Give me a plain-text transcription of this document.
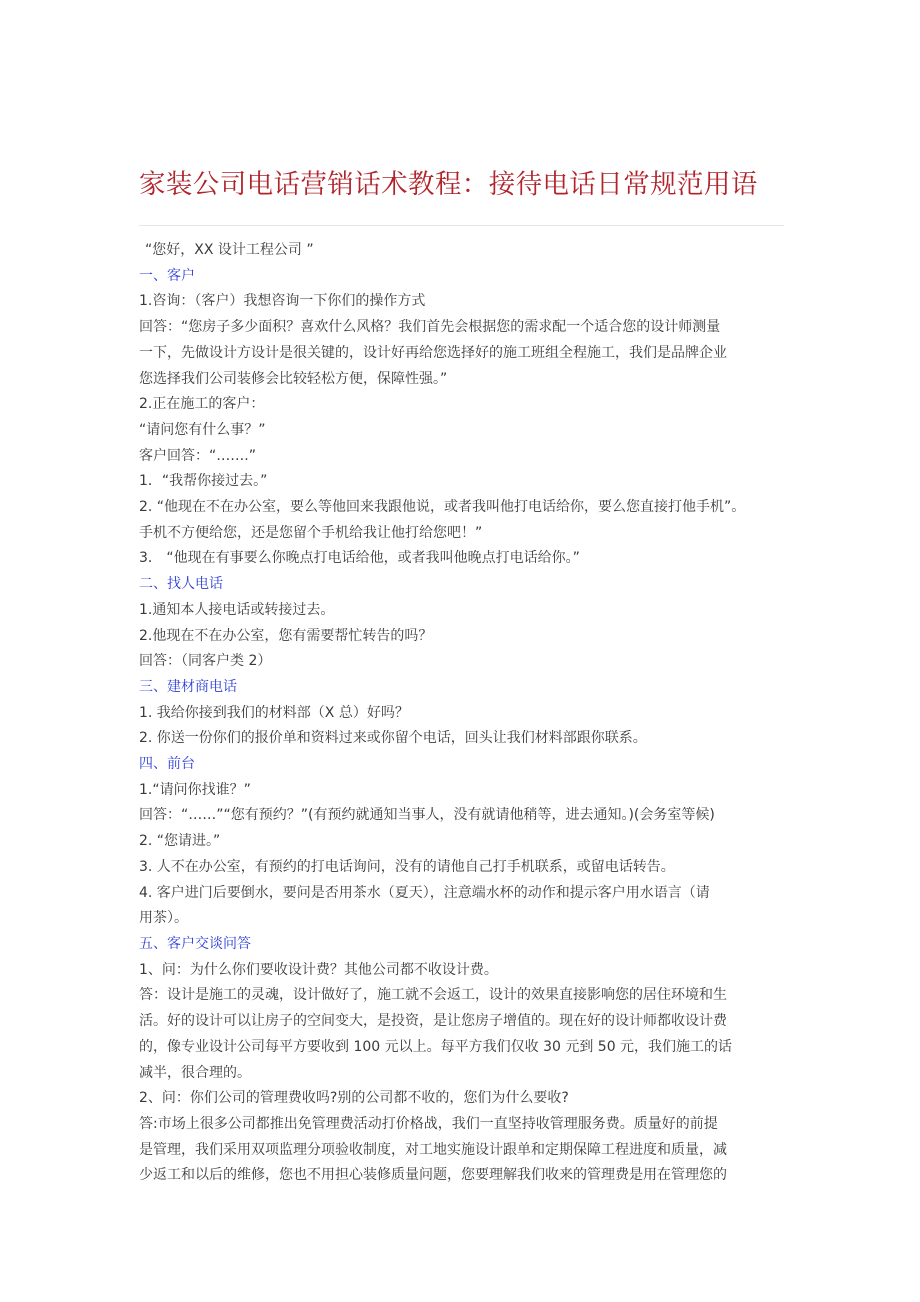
家装公司电话营销话术教程：接待电话日常规范用语

“您好，XX 设计工程公司 ”

一、客户

1.咨询：（客户）我想咨询一下你们的操作方式

回答：“您房子多少面积？喜欢什么风格？我们首先会根据您的需求配一个适合您的设计师测量

一下，先做设计方设计是很关键的，设计好再给您选择好的施工班组全程施工，我们是品牌企业

您选择我们公司装修会比较轻松方便，保障性强。”

2.正在施工的客户：

“请问您有什么事？”

客户回答：“…….”

1．“我帮你接过去。”

2. “他现在不在办公室，要么等他回来我跟他说，或者我叫他打电话给你，要么您直接打他手机”。

手机不方便给您，还是您留个手机给我让他打给您吧！”

3． “他现在有事要么你晚点打电话给他，或者我叫他晚点打电话给你。”

二、找人电话

1.通知本人接电话或转接过去。

2.他现在不在办公室，您有需要帮忙转告的吗？

回答：（同客户类 2）

三、建材商电话

1. 我给你接到我们的材料部（X 总）好吗？

2. 你送一份你们的报价单和资料过来或你留个电话，回头让我们材料部跟你联系。

四、前台

1.“请问你找谁？”

回答：“……”“您有预约？”(有预约就通知当事人，没有就请他稍等，进去通知。)(会务室等候)

2. “您请进。”

3. 人不在办公室，有预约的打电话询问，没有的请他自己打手机联系，或留电话转告。

4. 客户进门后要倒水，要问是否用茶水（夏天），注意端水杯的动作和提示客户用水语言（请

用茶）。

五、客户交谈问答

1、问：为什么你们要收设计费？其他公司都不收设计费。

答：设计是施工的灵魂，设计做好了，施工就不会返工，设计的效果直接影响您的居住环境和生

活。好的设计可以让房子的空间变大，是投资，是让您房子增值的。现在好的设计师都收设计费

的，像专业设计公司每平方要收到 100 元以上。每平方我们仅收 30 元到 50 元，我们施工的话

减半，很合理的。

2、问：你们公司的管理费收吗?别的公司都不收的，您们为什么要收?

答:市场上很多公司都推出免管理费活动打价格战，我们一直坚持收管理服务费。质量好的前提

是管理，我们采用双项监理分项验收制度，对工地实施设计跟单和定期保障工程进度和质量，减

少返工和以后的维修，您也不用担心装修质量问题，您要理解我们收来的管理费是用在管理您的
